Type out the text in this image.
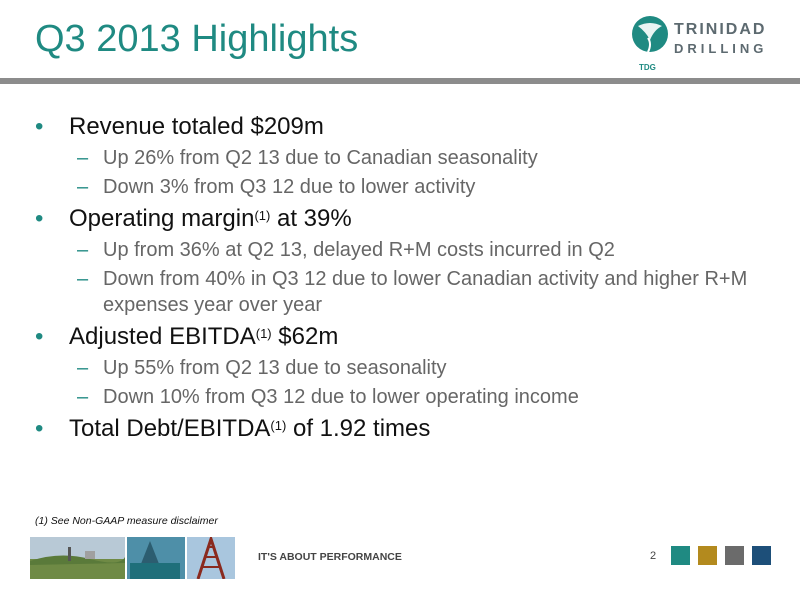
Q3 2013 Highlights
TDG
TRINIDAD
DRILLING
• Revenue totaled $209m
– Up 26% from Q2 13 due to Canadian seasonality
– Down 3% from Q3 12 due to lower activity
• Operating margin$^{(1)}$ at 39%
– Up from 36% at Q2 13, delayed R+M costs incurred in Q2
– Down from 40% in Q3 12 due to lower Canadian activity and higher R+M expenses year over year
• Adjusted EBITDA$^{(1)}$ $62m
– Up 55% from Q2 13 due to seasonality
– Down 10% from Q3 12 due to lower operating income
• Total Debt/EBITDA$^{(1)}$ of 1.92 times
(1) See Non-GAAP measure disclaimer
IT'S ABOUT PERFORMANCE	2
